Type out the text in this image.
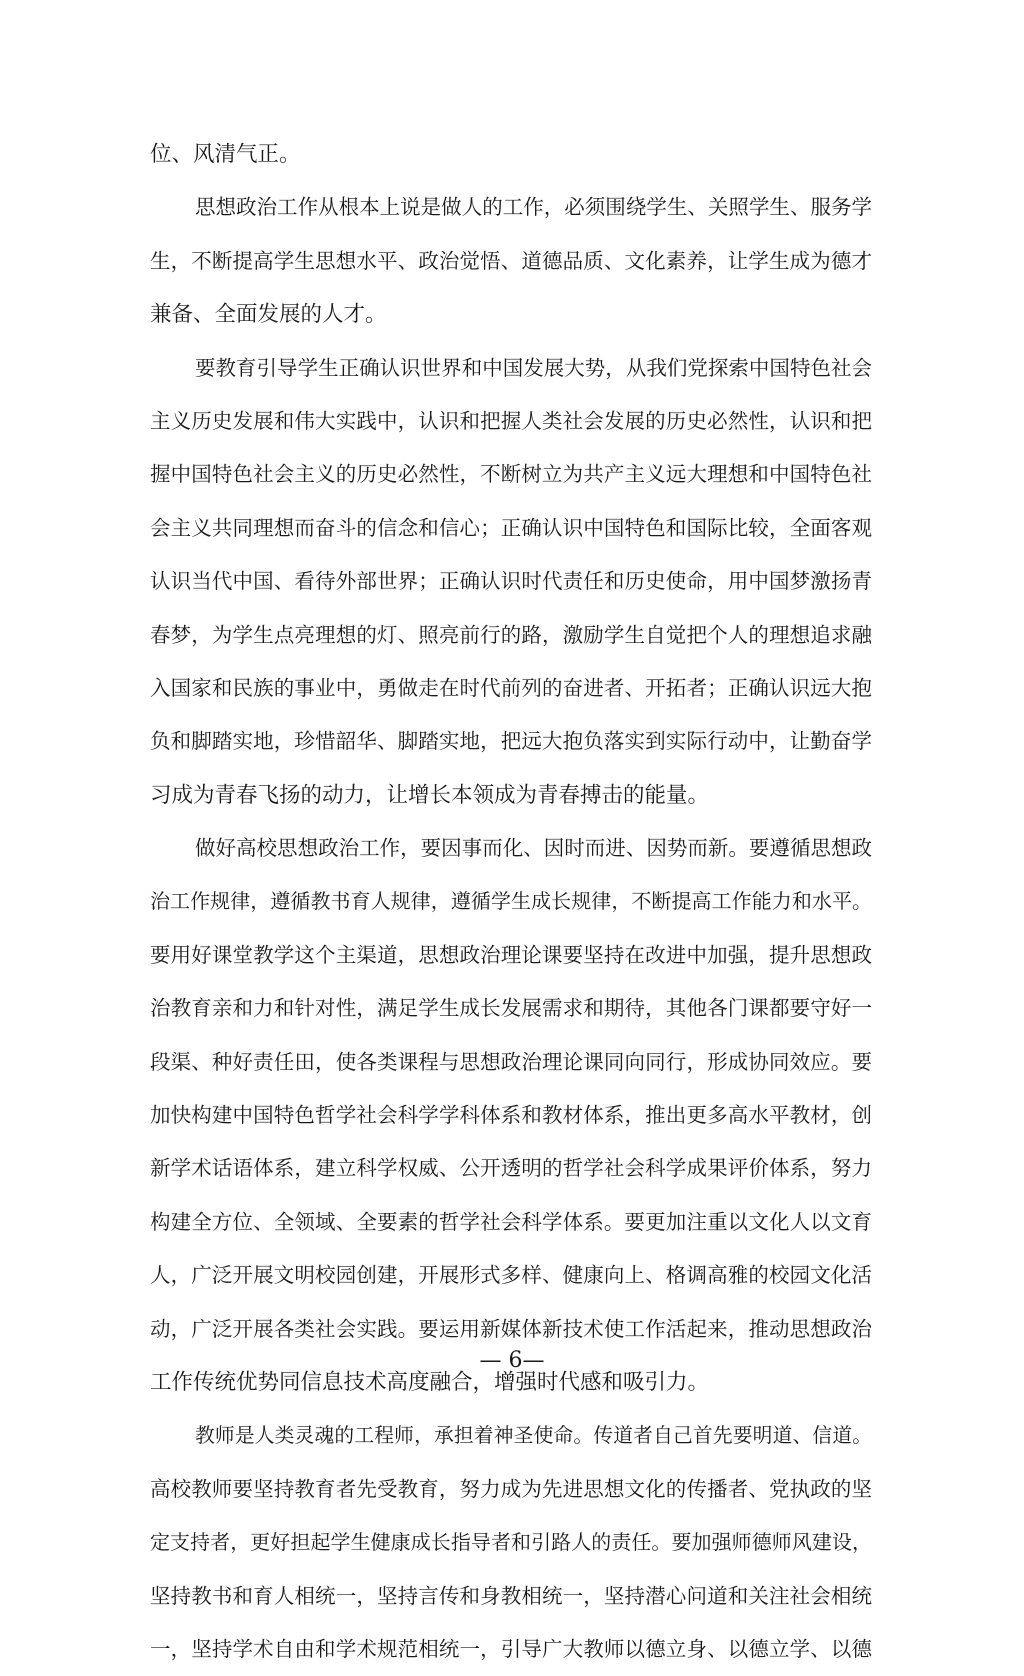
位、风清气正。
思想政治工作从根本上说是做人的工作，必须围绕学生、关照学生、服务学
生，不断提高学生思想水平、政治觉悟、道德品质、文化素养，让学生成为德才
兼备、全面发展的人才。
要教育引导学生正确认识世界和中国发展大势，从我们党探索中国特色社会
主义历史发展和伟大实践中，认识和把握人类社会发展的历史必然性，认识和把
握中国特色社会主义的历史必然性，不断树立为共产主义远大理想和中国特色社
会主义共同理想而奋斗的信念和信心；正确认识中国特色和国际比较，全面客观
认识当代中国、看待外部世界；正确认识时代责任和历史使命，用中国梦激扬青
春梦，为学生点亮理想的灯、照亮前行的路，激励学生自觉把个人的理想追求融
入国家和民族的事业中，勇做走在时代前列的奋进者、开拓者；正确认识远大抱
负和脚踏实地，珍惜韶华、脚踏实地，把远大抱负落实到实际行动中，让勤奋学
习成为青春飞扬的动力，让增长本领成为青春搏击的能量。
做好高校思想政治工作，要因事而化、因时而进、因势而新。要遵循思想政
治工作规律，遵循教书育人规律，遵循学生成长规律，不断提高工作能力和水平。
要用好课堂教学这个主渠道，思想政治理论课要坚持在改进中加强，提升思想政
治教育亲和力和针对性，满足学生成长发展需求和期待，其他各门课都要守好一
段渠、种好责任田，使各类课程与思想政治理论课同向同行，形成协同效应。要
加快构建中国特色哲学社会科学学科体系和教材体系，推出更多高水平教材，创
新学术话语体系，建立科学权威、公开透明的哲学社会科学成果评价体系，努力
构建全方位、全领域、全要素的哲学社会科学体系。要更加注重以文化人以文育
人，广泛开展文明校园创建，开展形式多样、健康向上、格调高雅的校园文化活
动，广泛开展各类社会实践。要运用新媒体新技术使工作活起来，推动思想政治
工作传统优势同信息技术高度融合，增强时代感和吸引力。
教师是人类灵魂的工程师，承担着神圣使命。传道者自己首先要明道、信道。
高校教师要坚持教育者先受教育，努力成为先进思想文化的传播者、党执政的坚
定支持者，更好担起学生健康成长指导者和引路人的责任。要加强师德师风建设，
坚持教书和育人相统一，坚持言传和身教相统一，坚持潜心问道和关注社会相统
一，坚持学术自由和学术规范相统一，引导广大教师以德立身、以德立学、以德
— 6—
